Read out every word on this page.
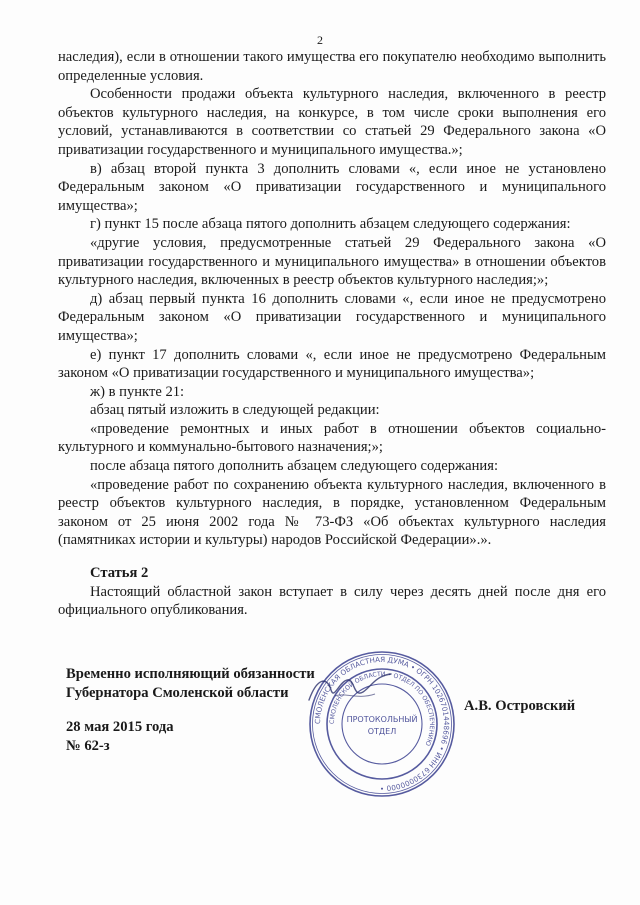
2

наследия), если в отношении такого имущества его покупателю необходимо выполнить определенные условия.

Особенности продажи объекта культурного наследия, включенного в реестр объектов культурного наследия, на конкурсе, в том числе сроки выполнения его условий, устанавливаются в соответствии со статьей 29 Федерального закона «О приватизации государственного и муниципального имущества.»;

в) абзац второй пункта 3 дополнить словами «, если иное не установлено Федеральным законом «О приватизации государственного и муниципального имущества»;

г) пункт 15 после абзаца пятого дополнить абзацем следующего содержания:

«другие условия, предусмотренные статьей 29 Федерального закона «О приватизации государственного и муниципального имущества» в отношении объектов культурного наследия, включенных в реестр объектов культурного наследия;»;

д) абзац первый пункта 16 дополнить словами «, если иное не предусмотрено Федеральным законом «О приватизации государственного и муниципального имущества»;

е) пункт 17 дополнить словами «, если иное не предусмотрено Федеральным законом «О приватизации государственного и муниципального имущества»;

ж) в пункте 21:

абзац пятый изложить в следующей редакции:

«проведение ремонтных и иных работ в отношении объектов социально-культурного и коммунально-бытового назначения;»;

после абзаца пятого дополнить абзацем следующего содержания:

«проведение работ по сохранению объекта культурного наследия, включенного в реестр объектов культурного наследия, в порядке, установленном Федеральным законом от 25 июня 2002 года № 73-ФЗ «Об объектах культурного наследия (памятниках истории и культуры) народов Российской Федерации».».

Статья 2

Настоящий областной закон вступает в силу через десять дней после дня его официального опубликования.

Временно исполняющий обязанности
Губернатора Смоленской области
А.В. Островский
28 мая 2015 года
№ 62-з
СМОЛЕНСКАЯ ОБЛАСТНАЯ ДУМА • ОГРН 1026701448696 • ИНН 6730000000 •
СМОЛЕНСКОЙ ОБЛАСТИ • ОТДЕЛ ПО ОБЕСПЕЧЕНИЮ
ПРОТОКОЛЬНЫЙ
ОТДЕЛ
